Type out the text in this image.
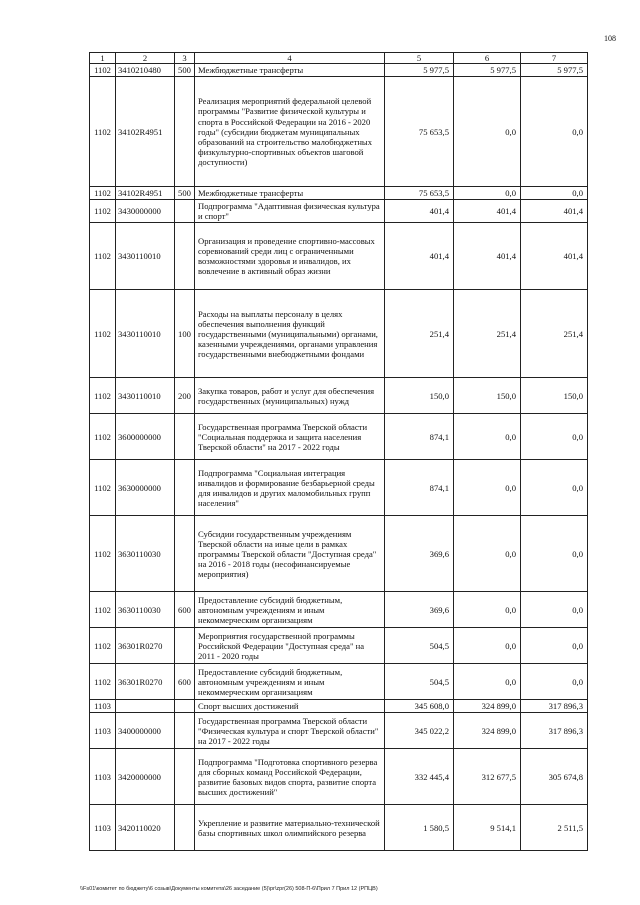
108
1	2	3	4	5	6	7
1102	3410210480	500	Межбюджетные трансферты	5 977,5	5 977,5	5 977,5
1102	34102R4951		Реализация мероприятий федеральной целевой программы "Развитие физической культуры и спорта в Российской Федерации на 2016 - 2020 годы" (субсидии бюджетам муниципальных образований на строительство малобюджетных физкультурно-спортивных объектов шаговой доступности)	75 653,5	0,0	0,0
1102	34102R4951	500	Межбюджетные трансферты	75 653,5	0,0	0,0
1102	3430000000		Подпрограмма "Адаптивная физическая культура и спорт"	401,4	401,4	401,4
1102	3430110010		Организация и проведение спортивно-массовых соревнований среди лиц с ограниченными возможностями здоровья и инвалидов, их вовлечение в активный образ жизни	401,4	401,4	401,4
1102	3430110010	100	Расходы на выплаты персоналу в целях обеспечения выполнения функций государственными (муниципальными) органами, казенными учреждениями, органами управления государственными внебюджетными фондами	251,4	251,4	251,4
1102	3430110010	200	Закупка товаров, работ и услуг для обеспечения государственных (муниципальных) нужд	150,0	150,0	150,0
1102	3600000000		Государственная программа Тверской области "Социальная поддержка и защита населения Тверской области" на 2017 - 2022 годы	874,1	0,0	0,0
1102	3630000000		Подпрограмма "Социальная интеграция инвалидов и формирование безбарьерной среды для инвалидов и других маломобильных групп населения"	874,1	0,0	0,0
1102	3630110030		Субсидии государственным учреждениям Тверской области на иные цели в рамках программы Тверской области "Доступная среда" на 2016 - 2018 годы (несофинансируемые мероприятия)	369,6	0,0	0,0
1102	3630110030	600	Предоставление субсидий бюджетным, автономным учреждениям и иным некоммерческим организациям	369,6	0,0	0,0
1102	36301R0270		Мероприятия государственной программы Российской Федерации "Доступная среда" на 2011 - 2020 годы	504,5	0,0	0,0
1102	36301R0270	600	Предоставление субсидий бюджетным, автономным учреждениям и иным некоммерческим организациям	504,5	0,0	0,0
1103			Спорт высших достижений	345 608,0	324 899,0	317 896,3
1103	3400000000		Государственная программа Тверской области "Физическая культура и спорт Тверской области" на 2017 - 2022 годы	345 022,2	324 899,0	317 896,3
1103	3420000000		Подпрограмма "Подготовка спортивного резерва для сборных команд Российской Федерации, развитие базовых видов спорта, развитие спорта высших достижений"	332 445,4	312 677,5	305 674,8
1103	3420110020		Укрепление и развитие материально-технической базы спортивных школ олимпийского резерва	1 580,5	9 514,1	2 511,5
\\Fs01\комитет по бюджету\6 созыв\Документы комитета\26 заседание (5)\pr\zpr(26) 508-П-6\Прил 7 Прил 12 (РПЦВ)
